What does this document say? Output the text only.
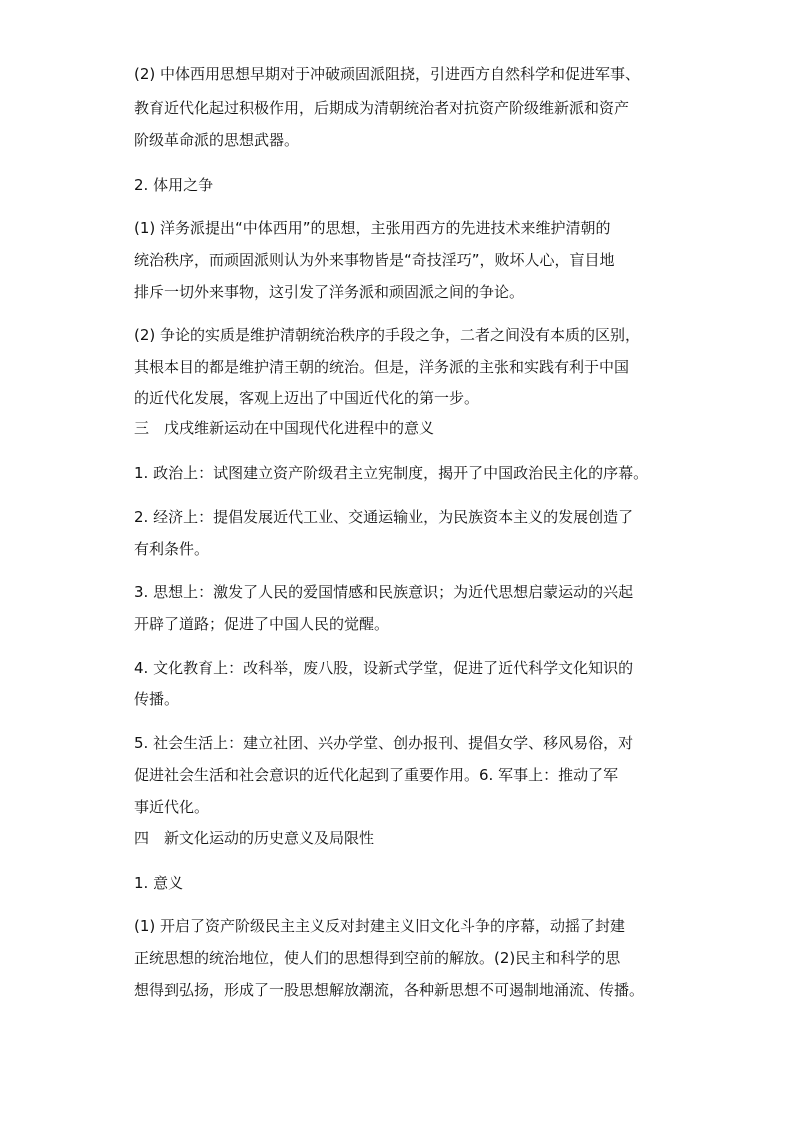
(2) 中体西用思想早期对于冲破顽固派阻挠，引进西方自然科学和促进军事、
教育近代化起过积极作用，后期成为清朝统治者对抗资产阶级维新派和资产
阶级革命派的思想武器。
2. 体用之争
(1) 洋务派提出“中体西用”的思想，主张用西方的先进技术来维护清朝的
统治秩序，而顽固派则认为外来事物皆是“奇技淫巧”，败坏人心，盲目地
排斥一切外来事物，这引发了洋务派和顽固派之间的争论。
(2) 争论的实质是维护清朝统治秩序的手段之争，二者之间没有本质的区别，
其根本目的都是维护清王朝的统治。但是，洋务派的主张和实践有利于中国
的近代化发展，客观上迈出了中国近代化的第一步。
三　戊戌维新运动在中国现代化进程中的意义
1. 政治上：试图建立资产阶级君主立宪制度，揭开了中国政治民主化的序幕。
2. 经济上：提倡发展近代工业、交通运输业，为民族资本主义的发展创造了
有利条件。
3. 思想上：激发了人民的爱国情感和民族意识；为近代思想启蒙运动的兴起
开辟了道路；促进了中国人民的觉醒。
4. 文化教育上：改科举，废八股，设新式学堂，促进了近代科学文化知识的
传播。
5. 社会生活上：建立社团、兴办学堂、创办报刊、提倡女学、移风易俗，对
促进社会生活和社会意识的近代化起到了重要作用。6. 军事上：推动了军
事近代化。
四　新文化运动的历史意义及局限性
1. 意义
(1) 开启了资产阶级民主主义反对封建主义旧文化斗争的序幕，动摇了封建
正统思想的统治地位，使人们的思想得到空前的解放。(2)民主和科学的思
想得到弘扬，形成了一股思想解放潮流，各种新思想不可遏制地涌流、传播。
